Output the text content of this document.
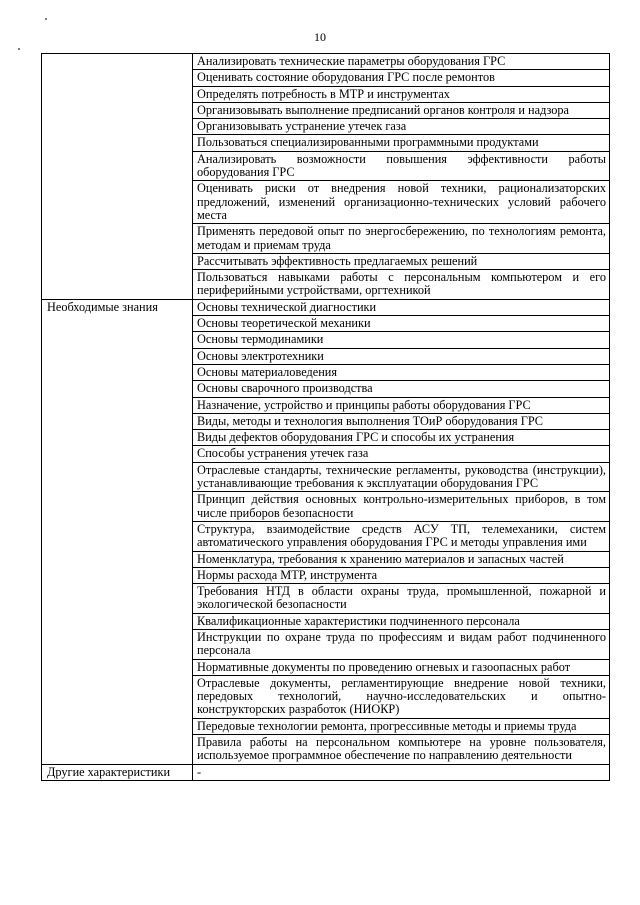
10
	Анализировать технические параметры оборудования ГРС
	Оценивать состояние оборудования ГРС после ремонтов
	Определять потребность в МТР и инструментах
	Организовывать выполнение предписаний органов контроля и надзора
	Организовывать устранение утечек газа
	Пользоваться специализированными программными продуктами
	Анализировать возможности повышения эффективности работы оборудования ГРС
	Оценивать риски от внедрения новой техники, рационализаторских предложений, изменений организационно-технических условий рабочего места
	Применять передовой опыт по энергосбережению, по технологиям ремонта, методам и приемам труда
	Рассчитывать эффективность предлагаемых решений
	Пользоваться навыками работы с персональным компьютером и его периферийными устройствами, оргтехникой
Необходимые знания	Основы технической диагностики
	Основы теоретической механики
	Основы термодинамики
	Основы электротехники
	Основы материаловедения
	Основы сварочного производства
	Назначение, устройство и принципы работы оборудования ГРС
	Виды, методы и технология выполнения ТОиР оборудования ГРС
	Виды дефектов оборудования ГРС и способы их устранения
	Способы устранения утечек газа
	Отраслевые стандарты, технические регламенты, руководства (инструкции), устанавливающие требования к эксплуатации оборудования ГРС
	Принцип действия основных контрольно-измерительных приборов, в том числе приборов безопасности
	Структура, взаимодействие средств АСУ ТП, телемеханики, систем автоматического управления оборудования ГРС и методы управления ими
	Номенклатура, требования к хранению материалов и запасных частей
	Нормы расхода МТР, инструмента
	Требования НТД в области охраны труда, промышленной, пожарной и экологической безопасности
	Квалификационные характеристики подчиненного персонала
	Инструкции по охране труда по профессиям и видам работ подчиненного персонала
	Нормативные документы по проведению огневых и газоопасных работ
	Отраслевые документы, регламентирующие внедрение новой техники, передовых технологий, научно-исследовательских и опытно-конструкторских разработок (НИОКР)
	Передовые технологии ремонта, прогрессивные методы и приемы труда
	Правила работы на персональном компьютере на уровне пользователя, используемое программное обеспечение по направлению деятельности
Другие характеристики	-
